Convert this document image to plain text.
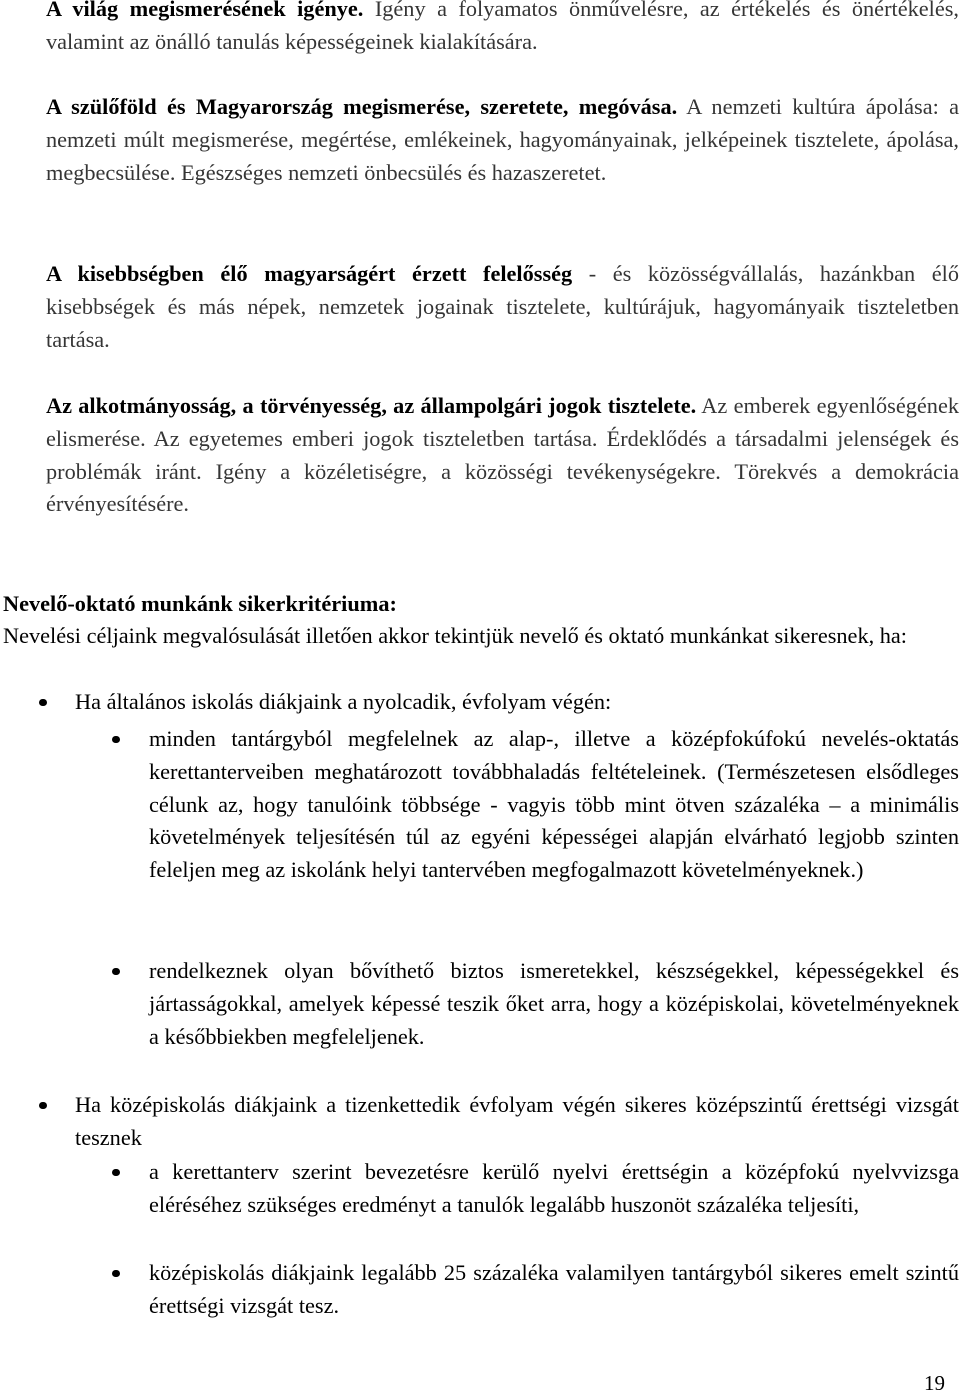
A világ megismerésének igénye. Igény a folyamatos önművelésre, az értékelés és önértékelés, valamint az önálló tanulás képességeinek kialakítására.

A szülőföld és Magyarország megismerése, szeretete, megóvása. A nemzeti kultúra ápolása: a nemzeti múlt megismerése, megértése, emlékeinek, hagyományainak, jelképeinek tisztelete, ápolása, megbecsülése. Egészséges nemzeti önbecsülés és hazaszeretet.

A kisebbségben élő magyarságért érzett felelősség - és közösségvállalás, hazánkban élő kisebbségek és más népek, nemzetek jogainak tisztelete, kultúrájuk, hagyományaik tiszteletben tartása.

Az alkotmányosság, a törvényesség, az állampolgári jogok tisztelete. Az emberek egyenlőségének elismerése. Az egyetemes emberi jogok tiszteletben tartása. Érdeklődés a társadalmi jelenségek és problémák iránt. Igény a közéletiségre, a közösségi tevékenységekre. Törekvés a demokrácia érvényesítésére.

Nevelő-oktató munkánk sikerkritériuma:

Nevelési céljaink megvalósulását illetően akkor tekintjük nevelő és oktató munkánkat sikeresnek, ha:

Ha általános iskolás diákjaink a nyolcadik, évfolyam végén:
minden tantárgyból megfelelnek az alap-, illetve a középfokúfokú nevelés-oktatás kerettanterveiben meghatározott továbbhaladás feltételeinek. (Természetesen elsődleges célunk az, hogy tanulóink többsége - vagyis több mint ötven százaléka – a minimális követelmények teljesítésén túl az egyéni képességei alapján elvárható legjobb szinten feleljen meg az iskolánk helyi tantervében megfogalmazott követelményeknek.)
rendelkeznek olyan bővíthető biztos ismeretekkel, készségekkel, képességekkel és jártasságokkal, amelyek képessé teszik őket arra, hogy a középiskolai, követelményeknek a későbbiekben megfeleljenek.
Ha középiskolás diákjaink a tizenkettedik évfolyam végén sikeres középszintű érettségi vizsgát tesznek
a kerettanterv szerint bevezetésre kerülő nyelvi érettségin a középfokú nyelvvizsga eléréséhez szükséges eredményt a tanulók legalább huszonöt százaléka teljesíti,
középiskolás diákjaink legalább 25 százaléka valamilyen tantárgyból sikeres emelt szintű érettségi vizsgát tesz.
19
